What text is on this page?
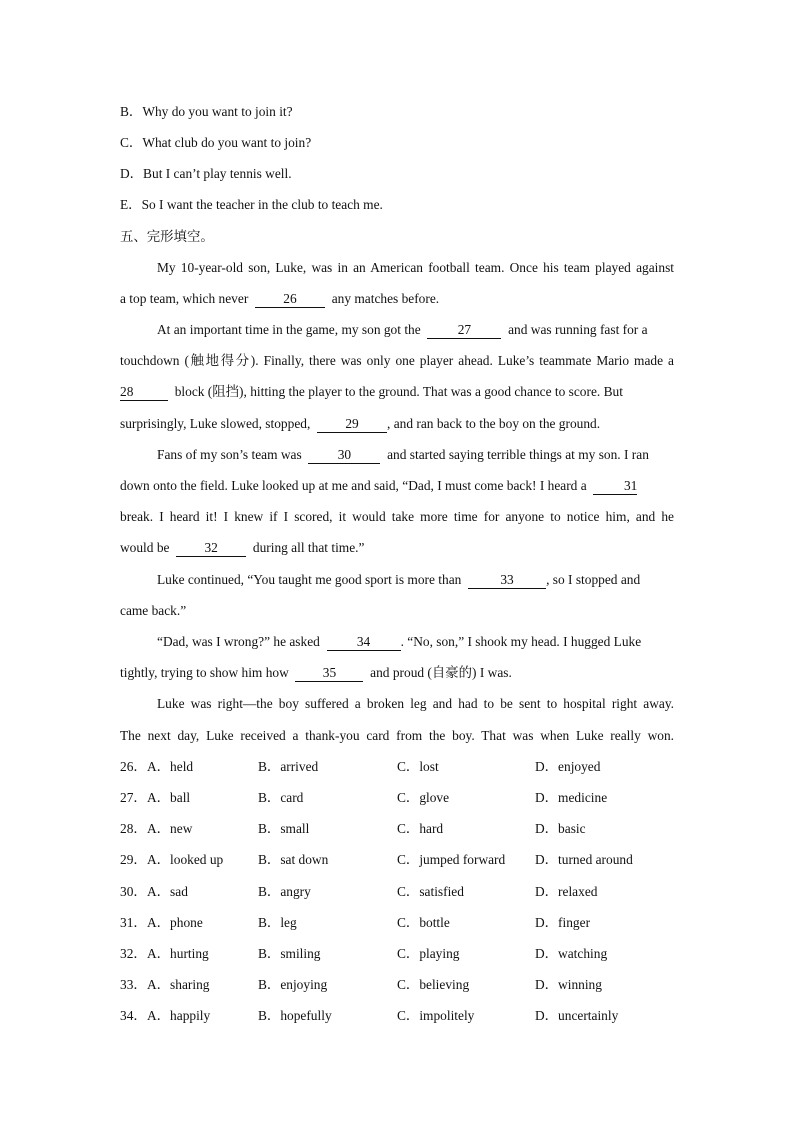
B．Why do you want to join it?
C．What club do you want to join?
D．But I can’t play tennis well.
E．So I want the teacher in the club to teach me.
五、完形填空。
My 10-year-old son, Luke, was in an American football team. Once his team played against
a top team, which never	26	any matches before.
At an important time in the game, my son got the	27	and was running fast for a
touchdown (触地得分). Finally, there was only one player ahead. Luke’s teammate Mario made a
28	block (阻挡), hitting the player to the ground. That was a good chance to score. But
surprisingly, Luke slowed, stopped,	29 , and ran back to the boy on the ground.
Fans of my son’s team was	30	and started saying terrible things at my son. I ran
down onto the field. Luke looked up at me and said, “Dad, I must come back! I heard a	31
break. I heard it! I knew if I scored, it would take more time for anyone to notice him, and he
would be	32	during all that time.”
Luke continued, “You taught me good sport is more than	33 , so I stopped and
came back.”
“Dad, was I wrong?” he asked	34 . “No, son,” I shook my head. I hugged Luke
tightly, trying to show him how	35	and proud (自豪的) I was.
Luke was right—the boy suffered a broken leg and had to be sent to hospital right away.
The next day, Luke received a thank-you card from the boy. That was when Luke really won.
26． A．held	B．arrived	C．lost	D．enjoyed
27． A．ball	B．card	C．glove	D．medicine
28． A．new	B．small	C．hard	D．basic
29． A．looked up	B．sat down	C．jumped forward D．turned around
30． A．sad	B．angry	C．satisfied	D．relaxed
31． A．phone	B．leg	C．bottle	D．finger
32． A．hurting	B．smiling	C．playing	D．watching
33． A．sharing	B．enjoying	C．believing	D．winning
34． A．happily	B．hopefully	C．impolitely	D．uncertainly
